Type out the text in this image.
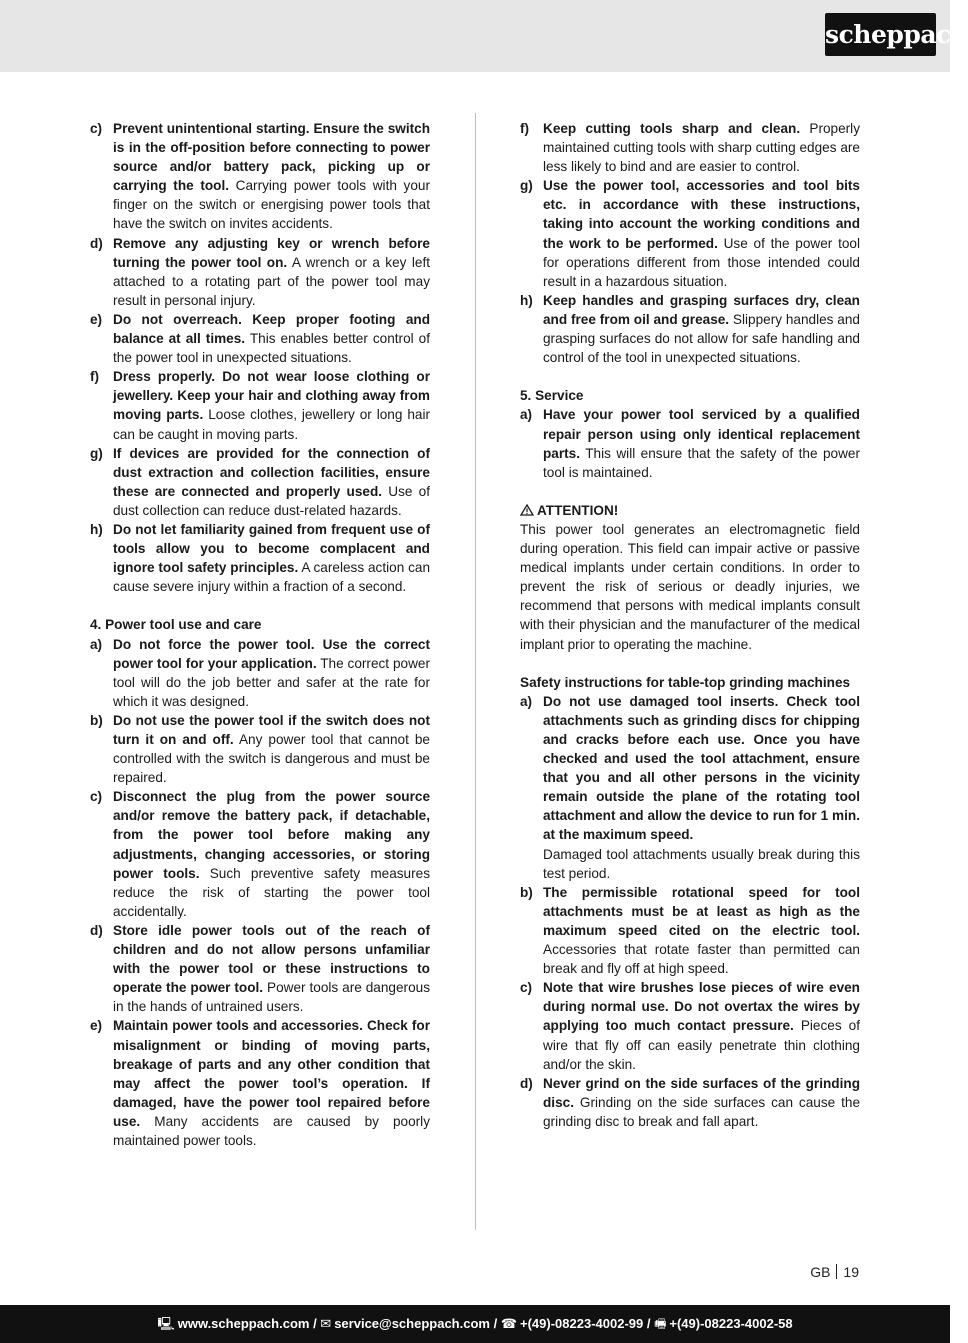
scheppach
c) Prevent unintentional starting. Ensure the switch is in the off-position before connecting to power source and/or battery pack, picking up or carrying the tool. Carrying power tools with your finger on the switch or energising power tools that have the switch on invites accidents.
d) Remove any adjusting key or wrench before turning the power tool on. A wrench or a key left attached to a rotating part of the power tool may result in personal injury.
e) Do not overreach. Keep proper footing and balance at all times. This enables better control of the power tool in unexpected situations.
f)	Dress properly. Do not wear loose clothing or jewellery. Keep your hair and clothing away from moving parts. Loose clothes, jewellery or long hair can be caught in moving parts.
g) If devices are provided for the connection of dust extraction and collection facilities, ensure these are connected and properly used. Use of dust collection can reduce dust-related hazards.
h) Do not let familiarity gained from frequent use of tools allow you to become complacent and ignore tool safety principles. A careless action can cause severe injury within a fraction of a second.
4. Power tool use and care
a) Do not force the power tool. Use the correct power tool for your application. The correct power tool will do the job better and safer at the rate for which it was designed.
b) Do not use the power tool if the switch does not turn it on and off. Any power tool that cannot be controlled with the switch is dangerous and must be repaired.
c) Disconnect the plug from the power source and/or remove the battery pack, if detachable, from the power tool before making any adjustments, changing accessories, or storing power tools. Such preventive safety measures reduce the risk of starting the power tool accidentally.
d) Store idle power tools out of the reach of children and do not allow persons unfamiliar with the power tool or these instructions to operate the power tool. Power tools are dangerous in the hands of untrained users.
e) Maintain power tools and accessories. Check for misalignment or binding of moving parts, breakage of parts and any other condition that may affect the power tool’s operation. If damaged, have the power tool repaired before use. Many accidents are caused by poorly maintained power tools.
f)	Keep cutting tools sharp and clean. Properly maintained cutting tools with sharp cutting edges are less likely to bind and are easier to control.
g) Use the power tool, accessories and tool bits etc. in accordance with these instructions, taking into account the working conditions and the work to be performed. Use of the power tool for operations different from those intended could result in a hazardous situation.
h) Keep handles and grasping surfaces dry, clean and free from oil and grease. Slippery handles and grasping surfaces do not allow for safe handling and control of the tool in unexpected situations.
5. Service
a) Have your power tool serviced by a qualified repair person using only identical replacement parts. This will ensure that the safety of the power tool is maintained.
ATTENTION!
This power tool generates an electromagnetic field during operation. This field can impair active or passive medical implants under certain conditions. In order to prevent the risk of serious or deadly injuries, we recommend that persons with medical implants consult with their physician and the manufacturer of the medical implant prior to operating the machine.
Safety instructions for table-top grinding machines
a) Do not use damaged tool inserts. Check tool attachments such as grinding discs for chipping and cracks before each use. Once you have checked and used the tool attachment, ensure that you and all other persons in the vicinity remain outside the plane of the rotating tool attachment and allow the device to run for 1 min. at the maximum speed.
Damaged tool attachments usually break during this test period.
b) The permissible rotational speed for tool attachments must be at least as high as the maximum speed cited on the electric tool. Accessories that rotate faster than permitted can break and fly off at high speed.
c) Note that wire brushes lose pieces of wire even during normal use. Do not overtax the wires by applying too much contact pressure. Pieces of wire that fly off can easily penetrate thin clothing and/or the skin.
d) Never grind on the side surfaces of the grinding disc. Grinding on the side surfaces can cause the grinding disc to break and fall apart.
GB 19
🖳 www.scheppach.com / ✉ service@scheppach.com / ☎ +(49)-08223-4002-99 / 🖷 +(49)-08223-4002-58
